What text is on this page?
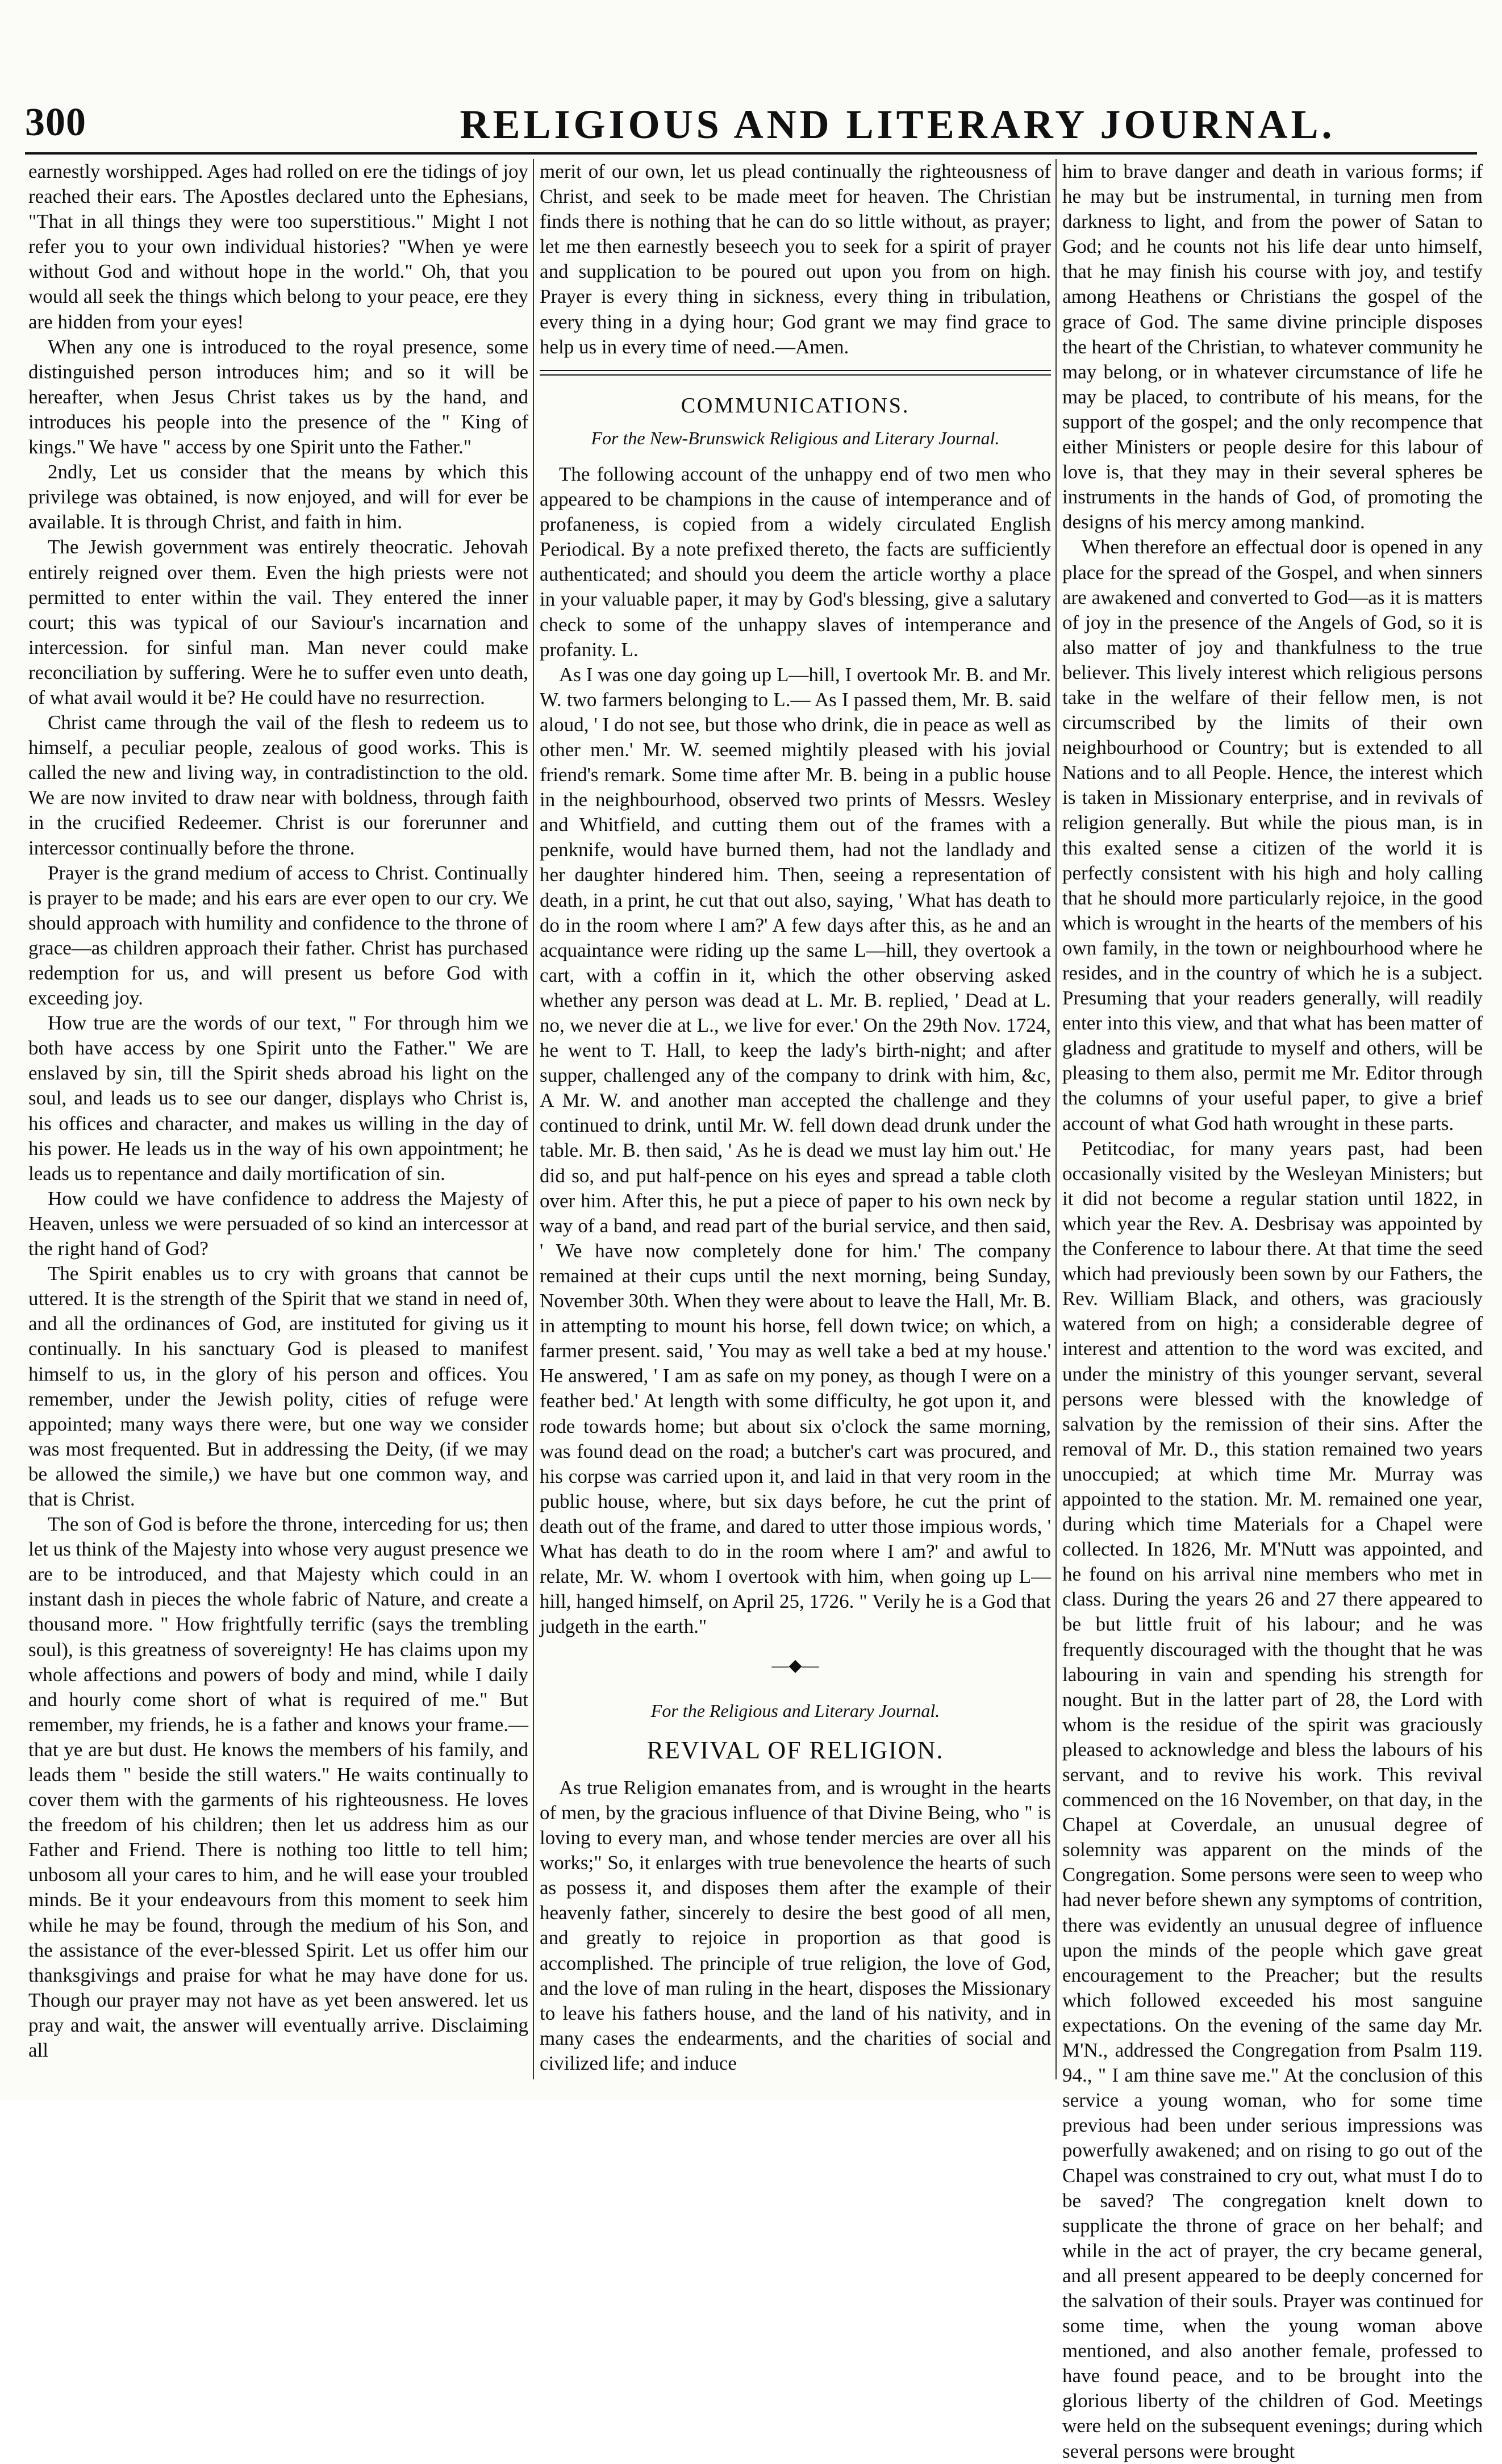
300	RELIGIOUS AND LITERARY JOURNAL.

earnestly worshipped. Ages had rolled on ere the tidings of joy reached their ears. The Apostles declared unto the Ephesians, "That in all things they were too superstitious." Might I not refer you to your own individual histories? "When ye were without God and without hope in the world." Oh, that you would all seek the things which belong to your peace, ere they are hidden from your eyes!

When any one is introduced to the royal presence, some distinguished person introduces him; and so it will be hereafter, when Jesus Christ takes us by the hand, and introduces his people into the presence of the " King of kings." We have " access by one Spirit unto the Father."

2ndly, Let us consider that the means by which this privilege was obtained, is now enjoyed, and will for ever be available. It is through Christ, and faith in him.

The Jewish government was entirely theocratic. Jehovah entirely reigned over them. Even the high priests were not permitted to enter within the vail. They entered the inner court; this was typical of our Saviour's incarnation and intercession. for sinful man. Man never could make reconciliation by suffering. Were he to suffer even unto death, of what avail would it be? He could have no resurrection.

Christ came through the vail of the flesh to redeem us to himself, a peculiar people, zealous of good works. This is called the new and living way, in contradistinction to the old. We are now invited to draw near with boldness, through faith in the crucified Redeemer. Christ is our forerunner and intercessor continually before the throne.

Prayer is the grand medium of access to Christ. Continually is prayer to be made; and his ears are ever open to our cry. We should approach with humility and confidence to the throne of grace—as children approach their father. Christ has purchased redemption for us, and will present us before God with exceeding joy.

How true are the words of our text, " For through him we both have access by one Spirit unto the Father." We are enslaved by sin, till the Spirit sheds abroad his light on the soul, and leads us to see our danger, displays who Christ is, his offices and character, and makes us willing in the day of his power. He leads us in the way of his own appointment; he leads us to repentance and daily mortification of sin.

How could we have confidence to address the Majesty of Heaven, unless we were persuaded of so kind an intercessor at the right hand of God?

The Spirit enables us to cry with groans that cannot be uttered. It is the strength of the Spirit that we stand in need of, and all the ordinances of God, are instituted for giving us it continually. In his sanctuary God is pleased to manifest himself to us, in the glory of his person and offices. You remember, under the Jewish polity, cities of refuge were appointed; many ways there were, but one way we consider was most frequented. But in addressing the Deity, (if we may be allowed the simile,) we have but one common way, and that is Christ.

The son of God is before the throne, interceding for us; then let us think of the Majesty into whose very august presence we are to be introduced, and that Majesty which could in an instant dash in pieces the whole fabric of Nature, and create a thousand more. " How frightfully terrific (says the trembling soul), is this greatness of sovereignty! He has claims upon my whole affections and powers of body and mind, while I daily and hourly come short of what is required of me." But remember, my friends, he is a father and knows your frame.—that ye are but dust. He knows the members of his family, and leads them " beside the still waters." He waits continually to cover them with the garments of his righteousness. He loves the freedom of his children; then let us address him as our Father and Friend. There is nothing too little to tell him; unbosom all your cares to him, and he will ease your troubled minds. Be it your endeavours from this moment to seek him while he may be found, through the medium of his Son, and the assistance of the ever-blessed Spirit. Let us offer him our thanksgivings and praise for what he may have done for us. Though our prayer may not have as yet been answered. let us pray and wait, the answer will eventually arrive. Disclaiming all

merit of our own, let us plead continually the righteousness of Christ, and seek to be made meet for heaven. The Christian finds there is nothing that he can do so little without, as prayer; let me then earnestly beseech you to seek for a spirit of prayer and supplication to be poured out upon you from on high. Prayer is every thing in sickness, every thing in tribulation, every thing in a dying hour; God grant we may find grace to help us in every time of need.—Amen.

COMMUNICATIONS.
For the New-Brunswick Religious and Literary Journal.

The following account of the unhappy end of two men who appeared to be champions in the cause of intemperance and of profaneness, is copied from a widely circulated English Periodical. By a note prefixed thereto, the facts are sufficiently authenticated; and should you deem the article worthy a place in your valuable paper, it may by God's blessing, give a salutary check to some of the unhappy slaves of intemperance and profanity. L.

As I was one day going up L—hill, I overtook Mr. B. and Mr. W. two farmers belonging to L.— As I passed them, Mr. B. said aloud, ' I do not see, but those who drink, die in peace as well as other men.' Mr. W. seemed mightily pleased with his jovial friend's remark. Some time after Mr. B. being in a public house in the neighbourhood, observed two prints of Messrs. Wesley and Whitfield, and cutting them out of the frames with a penknife, would have burned them, had not the landlady and her daughter hindered him. Then, seeing a representation of death, in a print, he cut that out also, saying, ' What has death to do in the room where I am?' A few days after this, as he and an acquaintance were riding up the same L—hill, they overtook a cart, with a coffin in it, which the other observing asked whether any person was dead at L. Mr. B. replied, ' Dead at L. no, we never die at L., we live for ever.' On the 29th Nov. 1724, he went to T. Hall, to keep the lady's birth-night; and after supper, challenged any of the company to drink with him, &c, A Mr. W. and another man accepted the challenge and they continued to drink, until Mr. W. fell down dead drunk under the table. Mr. B. then said, ' As he is dead we must lay him out.' He did so, and put half-pence on his eyes and spread a table cloth over him. After this, he put a piece of paper to his own neck by way of a band, and read part of the burial service, and then said, ' We have now completely done for him.' The company remained at their cups until the next morning, being Sunday, November 30th. When they were about to leave the Hall, Mr. B. in attempting to mount his horse, fell down twice; on which, a farmer present. said, ' You may as well take a bed at my house.' He answered, ' I am as safe on my poney, as though I were on a feather bed.' At length with some difficulty, he got upon it, and rode towards home; but about six o'clock the same morning, was found dead on the road; a butcher's cart was procured, and his corpse was carried upon it, and laid in that very room in the public house, where, but six days before, he cut the print of death out of the frame, and dared to utter those impious words, ' What has death to do in the room where I am?' and awful to relate, Mr. W. whom I overtook with him, when going up L—hill, hanged himself, on April 25, 1726. " Verily he is a God that judgeth in the earth."

—◆—
For the Religious and Literary Journal.
REVIVAL OF RELIGION.

As true Religion emanates from, and is wrought in the hearts of men, by the gracious influence of that Divine Being, who " is loving to every man, and whose tender mercies are over all his works;" So, it enlarges with true benevolence the hearts of such as possess it, and disposes them after the example of their heavenly father, sincerely to desire the best good of all men, and greatly to rejoice in proportion as that good is accomplished. The principle of true religion, the love of God, and the love of man ruling in the heart, disposes the Missionary to leave his fathers house, and the land of his nativity, and in many cases the endearments, and the charities of social and civilized life; and induce

him to brave danger and death in various forms; if he may but be instrumental, in turning men from darkness to light, and from the power of Satan to God; and he counts not his life dear unto himself, that he may finish his course with joy, and testify among Heathens or Christians the gospel of the grace of God. The same divine principle disposes the heart of the Christian, to whatever community he may belong, or in whatever circumstance of life he may be placed, to contribute of his means, for the support of the gospel; and the only recompence that either Ministers or people desire for this labour of love is, that they may in their several spheres be instruments in the hands of God, of promoting the designs of his mercy among mankind.

When therefore an effectual door is opened in any place for the spread of the Gospel, and when sinners are awakened and converted to God—as it is matters of joy in the presence of the Angels of God, so it is also matter of joy and thankfulness to the true believer. This lively interest which religious persons take in the welfare of their fellow men, is not circumscribed by the limits of their own neighbourhood or Country; but is extended to all Nations and to all People. Hence, the interest which is taken in Missionary enterprise, and in revivals of religion generally. But while the pious man, is in this exalted sense a citizen of the world it is perfectly consistent with his high and holy calling that he should more particularly rejoice, in the good which is wrought in the hearts of the members of his own family, in the town or neighbourhood where he resides, and in the country of which he is a subject. Presuming that your readers generally, will readily enter into this view, and that what has been matter of gladness and gratitude to myself and others, will be pleasing to them also, permit me Mr. Editor through the columns of your useful paper, to give a brief account of what God hath wrought in these parts.

Petitcodiac, for many years past, had been occasionally visited by the Wesleyan Ministers; but it did not become a regular station until 1822, in which year the Rev. A. Desbrisay was appointed by the Conference to labour there. At that time the seed which had previously been sown by our Fathers, the Rev. William Black, and others, was graciously watered from on high; a considerable degree of interest and attention to the word was excited, and under the ministry of this younger servant, several persons were blessed with the knowledge of salvation by the remission of their sins. After the removal of Mr. D., this station remained two years unoccupied; at which time Mr. Murray was appointed to the station. Mr. M. remained one year, during which time Materials for a Chapel were collected. In 1826, Mr. M'Nutt was appointed, and he found on his arrival nine members who met in class. During the years 26 and 27 there appeared to be but little fruit of his labour; and he was frequently discouraged with the thought that he was labouring in vain and spending his strength for nought. But in the latter part of 28, the Lord with whom is the residue of the spirit was graciously pleased to acknowledge and bless the labours of his servant, and to revive his work. This revival commenced on the 16 November, on that day, in the Chapel at Coverdale, an unusual degree of solemnity was apparent on the minds of the Congregation. Some persons were seen to weep who had never before shewn any symptoms of contrition, there was evidently an unusual degree of influence upon the minds of the people which gave great encouragement to the Preacher; but the results which followed exceeded his most sanguine expectations. On the evening of the same day Mr. M'N., addressed the Congregation from Psalm 119. 94., " I am thine save me." At the conclusion of this service a young woman, who for some time previous had been under serious impressions was powerfully awakened; and on rising to go out of the Chapel was constrained to cry out, what must I do to be saved? The congregation knelt down to supplicate the throne of grace on her behalf; and while in the act of prayer, the cry became general, and all present appeared to be deeply concerned for the salvation of their souls. Prayer was continued for some time, when the young woman above mentioned, and also another female, professed to have found peace, and to be brought into the glorious liberty of the children of God. Meetings were held on the subsequent evenings; during which several persons were brought
